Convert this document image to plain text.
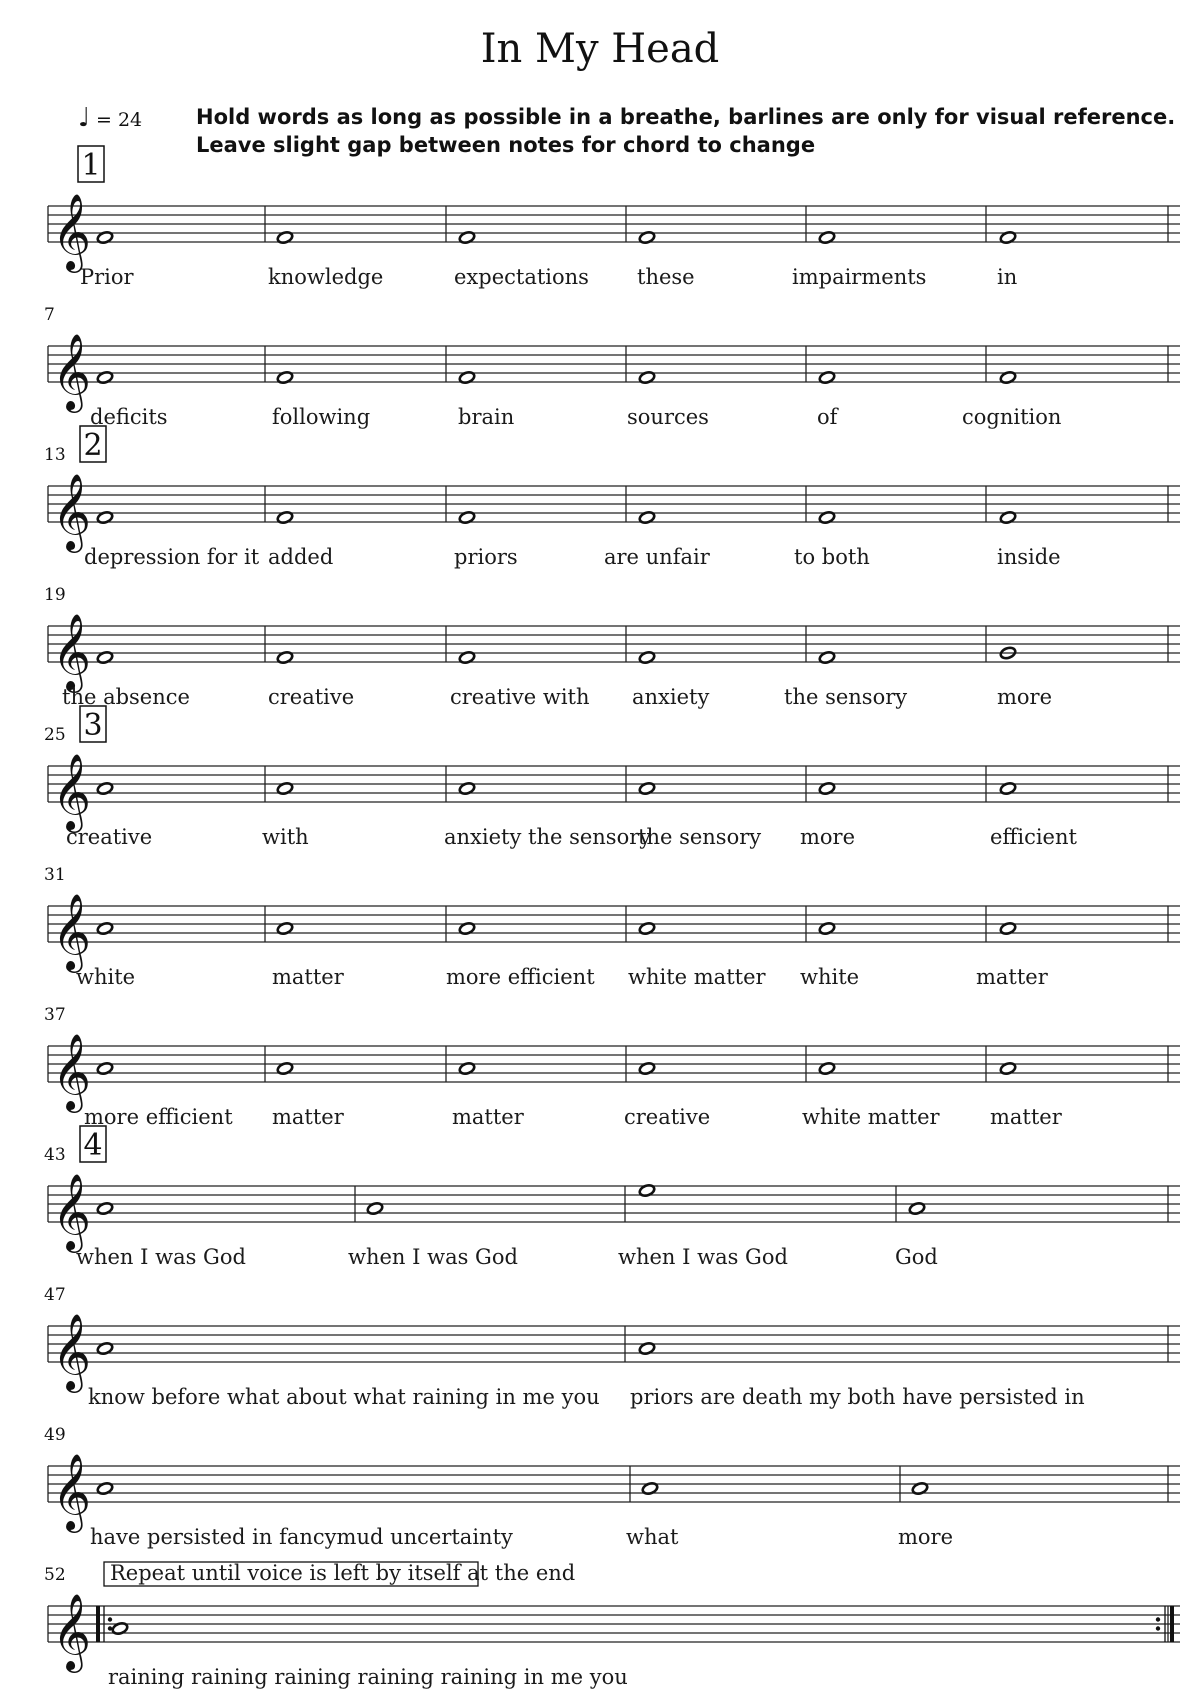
In My Head
♩ = 24	Hold words as long as possible in a breathe, barlines are only for visual reference.
Leave slight gap between notes for chord to change
𝄞
1
Prior	knowledge	expectations these	impairments	in
𝄞
7
deficits	following	brain	sources	of	cognition
𝄞
13 2
depression for it added	priors	are unfair	to both	inside
𝄞
19
the absence	creative	creative with anxiety	the sensory	more
𝄞
25 3
creative	with	anxiety the sensory
the sensory more	efficient
𝄞
31
white	matter	more efficient white matter white	matter
𝄞
37
more efficient matter	matter	creative	white matter matter
𝄞
43 4
when I was God	when I was God	when I was God	God
𝄞
47
know before what about what raining in me you priors are death my both have persisted in
𝄞
49
have persisted in fancymud uncertainty	what	more
𝄞
Repeat until voice is left by itself at the end
52
raining raining raining raining raining in me you
